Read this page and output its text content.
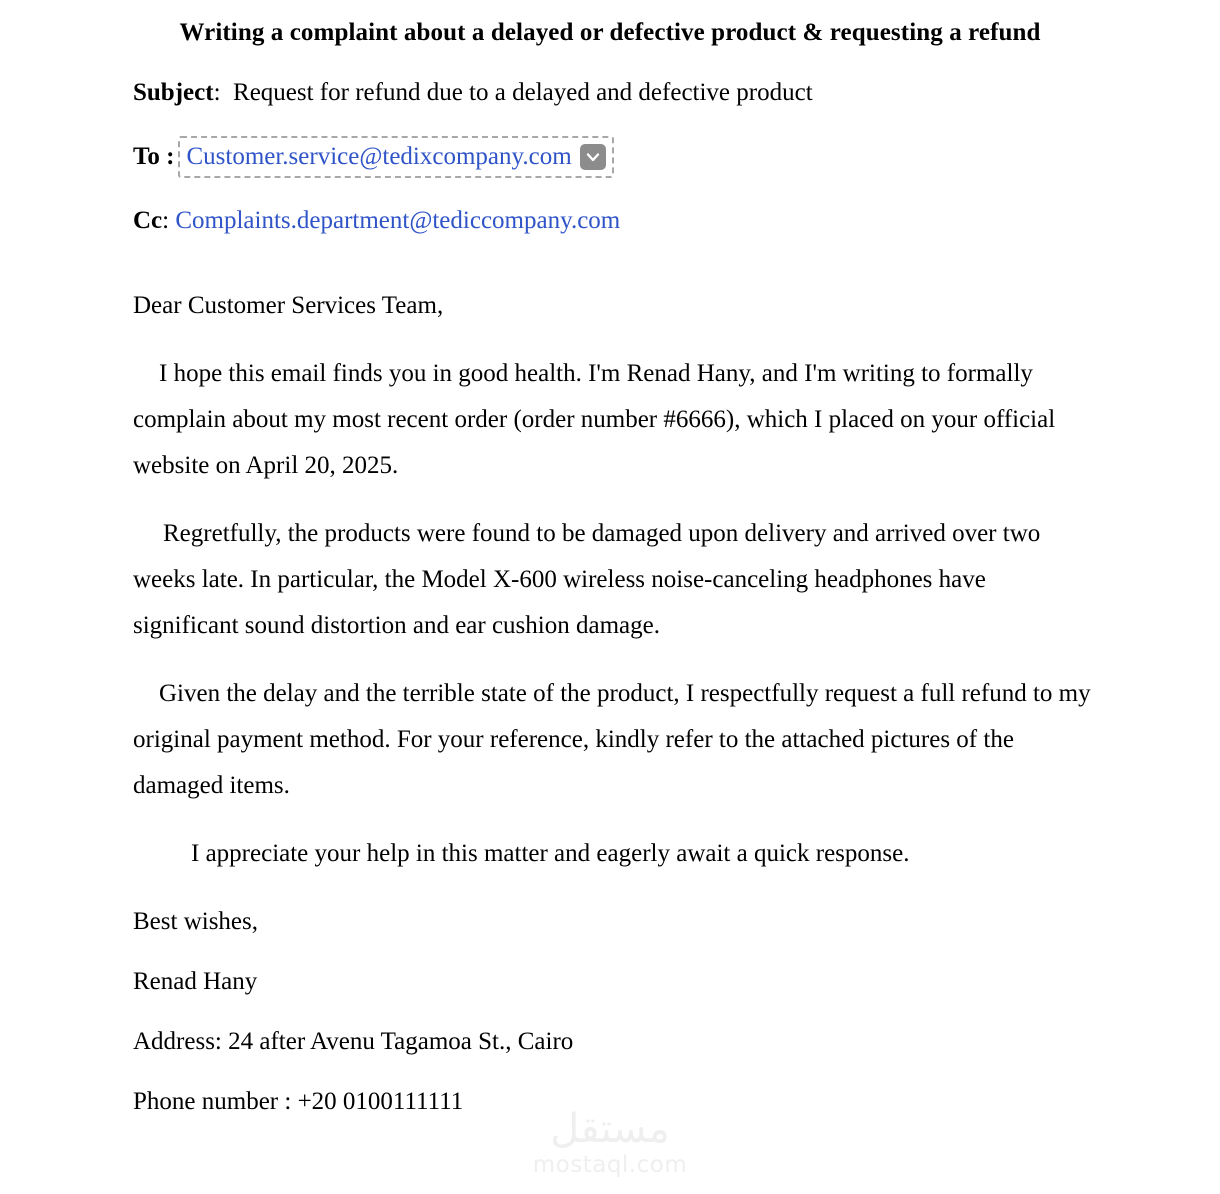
Writing a complaint about a delayed or defective product & requesting a refund

Subject: Request for refund due to a delayed and defective product

To : Customer.service@tedixcompany.com

Cc: Complaints.department@tediccompany.com

Dear Customer Services Team,

I hope this email finds you in good health. I'm Renad Hany, and I'm writing to formally complain about my most recent order (order number #6666), which I placed on your official website on April 20, 2025.

Regretfully, the products were found to be damaged upon delivery and arrived over two weeks late. In particular, the Model X-600 wireless noise-canceling headphones have significant sound distortion and ear cushion damage.

Given the delay and the terrible state of the product, I respectfully request a full refund to my original payment method. For your reference, kindly refer to the attached pictures of the damaged items.

I appreciate your help in this matter and eagerly await a quick response.

Best wishes,

Renad Hany

Address: 24 after Avenu Tagamoa St., Cairo

Phone number : +20 0100111111

مستقل
mostaql.com
